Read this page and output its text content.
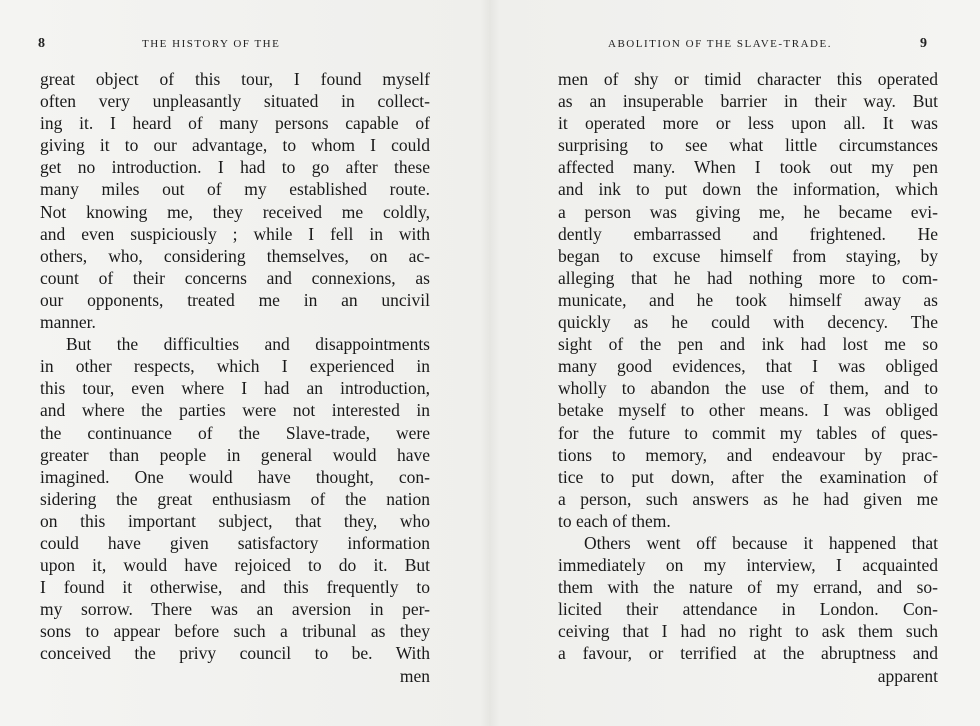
8	THE HISTORY OF THE
great object of this tour, I found myself
often very unpleasantly situated in collect-
ing it. I heard of many persons capable of
giving it to our advantage, to whom I could
get no introduction. I had to go after these
many miles out of my established route.
Not knowing me, they received me coldly,
and even suspiciously ; while I fell in with
others, who, considering themselves, on ac-
count of their concerns and connexions, as
our opponents, treated me in an uncivil
manner.
But the difficulties and disappointments
in other respects, which I experienced in
this tour, even where I had an introduction,
and where the parties were not interested in
the continuance of the Slave-trade, were
greater than people in general would have
imagined. One would have thought, con-
sidering the great enthusiasm of the nation
on this important subject, that they, who
could have given satisfactory information
upon it, would have rejoiced to do it. But
I found it otherwise, and this frequently to
my sorrow. There was an aversion in per-
sons to appear before such a tribunal as they
conceived the privy council to be. With
men
ABOLITION OF THE SLAVE-TRADE.	9
men of shy or timid character this operated
as an insuperable barrier in their way. But
it operated more or less upon all. It was
surprising to see what little circumstances
affected many. When I took out my pen
and ink to put down the information, which
a person was giving me, he became evi-
dently embarrassed and frightened. He
began to excuse himself from staying, by
alleging that he had nothing more to com-
municate, and he took himself away as
quickly as he could with decency. The
sight of the pen and ink had lost me so
many good evidences, that I was obliged
wholly to abandon the use of them, and to
betake myself to other means. I was obliged
for the future to commit my tables of ques-
tions to memory, and endeavour by prac-
tice to put down, after the examination of
a person, such answers as he had given me
to each of them.
Others went off because it happened that
immediately on my interview, I acquainted
them with the nature of my errand, and so-
licited their attendance in London. Con-
ceiving that I had no right to ask them such
a favour, or terrified at the abruptness and
apparent
